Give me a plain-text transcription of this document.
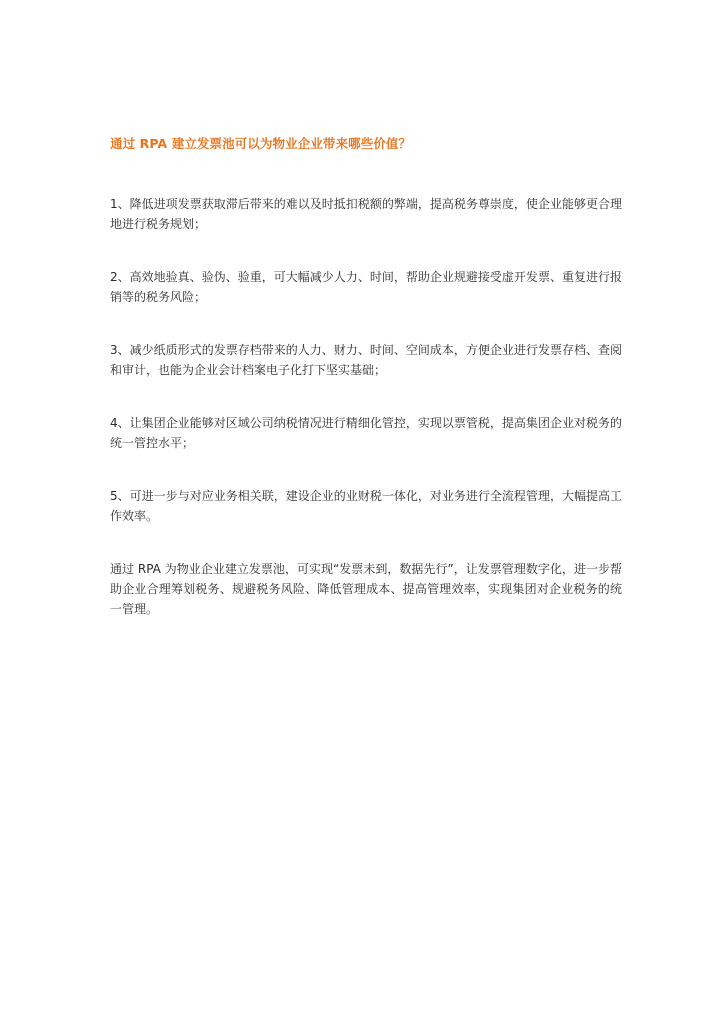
通过 RPA 建立发票池可以为物业企业带来哪些价值？

1、降低进项发票获取滞后带来的难以及时抵扣税额的弊端，提高税务尊崇度，使企业能够更合理地进行税务规划；

2、高效地验真、验伪、验重，可大幅减少人力、时间，帮助企业规避接受虚开发票、重复进行报销等的税务风险；

3、减少纸质形式的发票存档带来的人力、财力、时间、空间成本，方便企业进行发票存档、查阅和审计，也能为企业会计档案电子化打下坚实基础；

4、让集团企业能够对区域公司纳税情况进行精细化管控，实现以票管税，提高集团企业对税务的统一管控水平；

5、可进一步与对应业务相关联，建设企业的业财税一体化，对业务进行全流程管理，大幅提高工作效率。

通过 RPA 为物业企业建立发票池，可实现“发票未到，数据先行”，让发票管理数字化，进一步帮助企业合理筹划税务、规避税务风险、降低管理成本、提高管理效率，实现集团对企业税务的统一管理。
